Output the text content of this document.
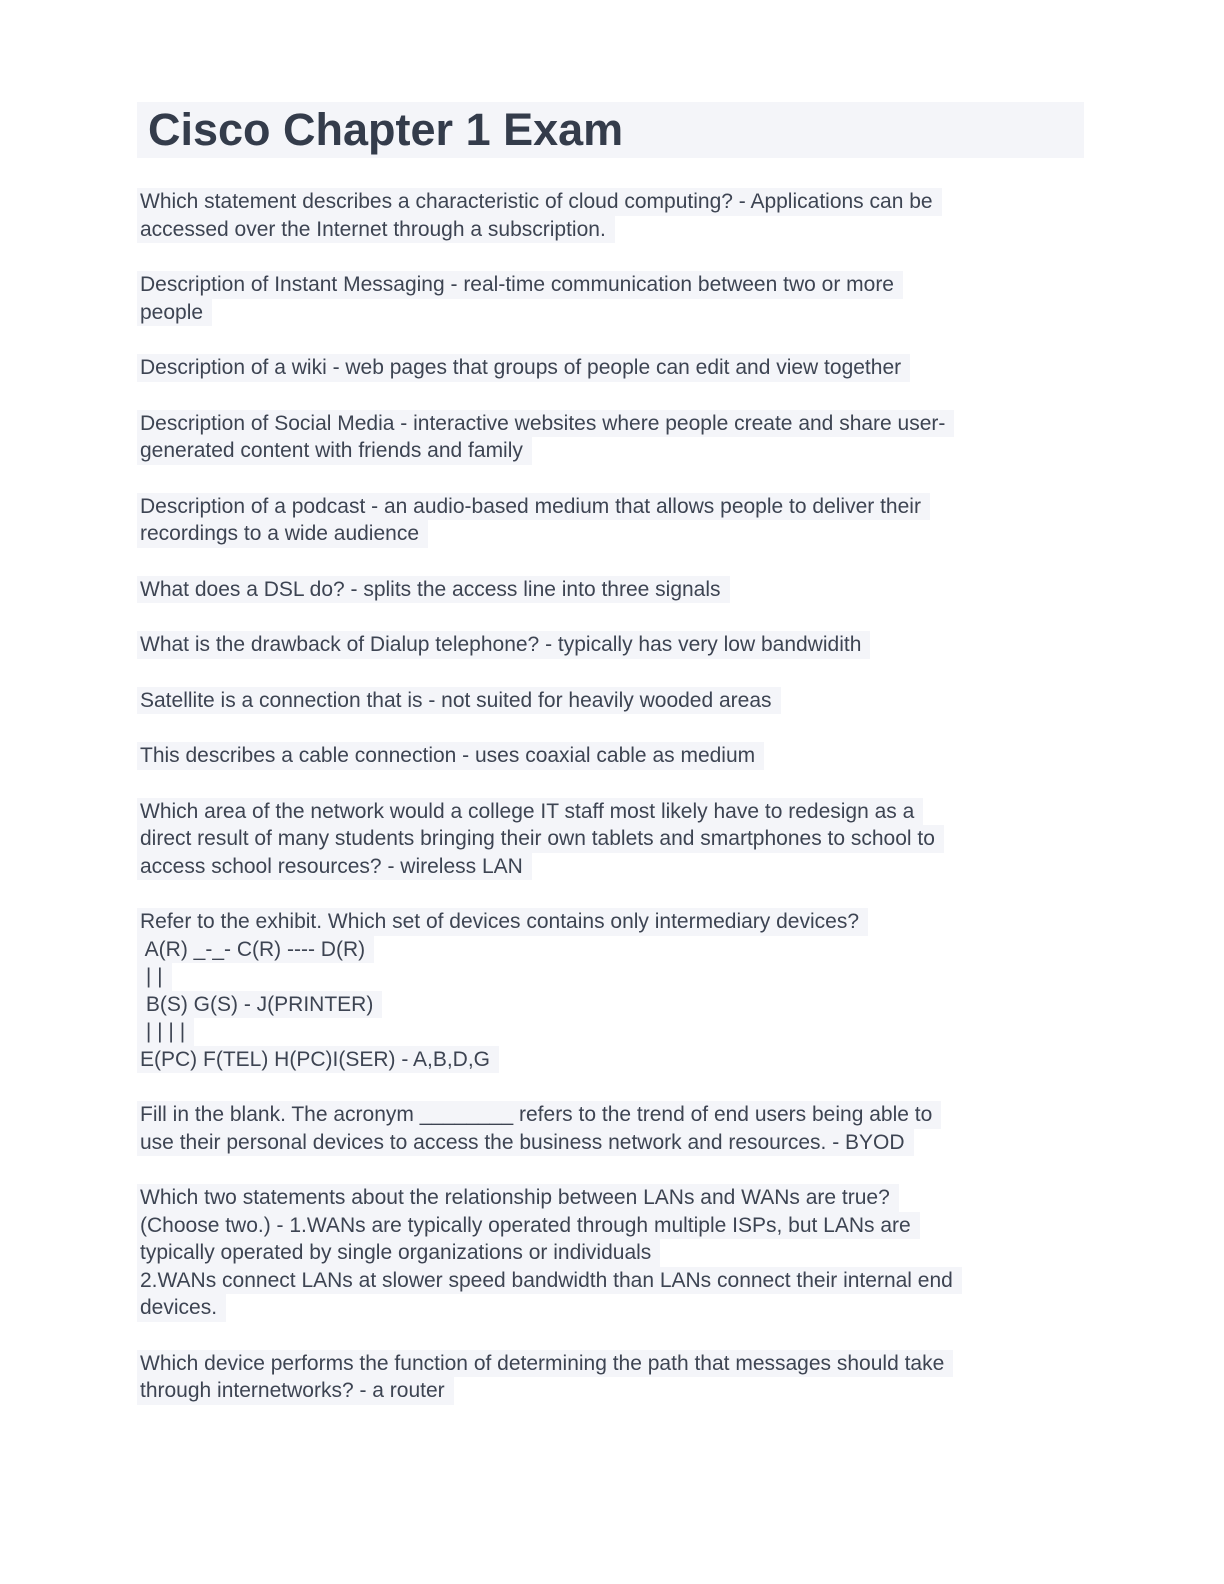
Cisco Chapter 1 Exam
Which statement describes a characteristic of cloud computing? - Applications can be
accessed over the Internet through a subscription.
Description of Instant Messaging - real-time communication between two or more
people
Description of a wiki - web pages that groups of people can edit and view together
Description of Social Media - interactive websites where people create and share user-
generated content with friends and family
Description of a podcast - an audio-based medium that allows people to deliver their
recordings to a wide audience
What does a DSL do? - splits the access line into three signals
What is the drawback of Dialup telephone? - typically has very low bandwidith
Satellite is a connection that is - not suited for heavily wooded areas
This describes a cable connection - uses coaxial cable as medium
Which area of the network would a college IT staff most likely have to redesign as a
direct result of many students bringing their own tablets and smartphones to school to
access school resources? - wireless LAN
Refer to the exhibit. Which set of devices contains only intermediary devices?
A(R) _-_- C(R) ---- D(R)
| |
B(S) G(S) - J(PRINTER)
| | | |
E(PC) F(TEL) H(PC)I(SER) - A,B,D,G
Fill in the blank. The acronym ________ refers to the trend of end users being able to
use their personal devices to access the business network and resources. - BYOD
Which two statements about the relationship between LANs and WANs are true?
(Choose two.) - 1.WANs are typically operated through multiple ISPs, but LANs are
typically operated by single organizations or individuals
2.WANs connect LANs at slower speed bandwidth than LANs connect their internal end
devices.
Which device performs the function of determining the path that messages should take
through internetworks? - a router
